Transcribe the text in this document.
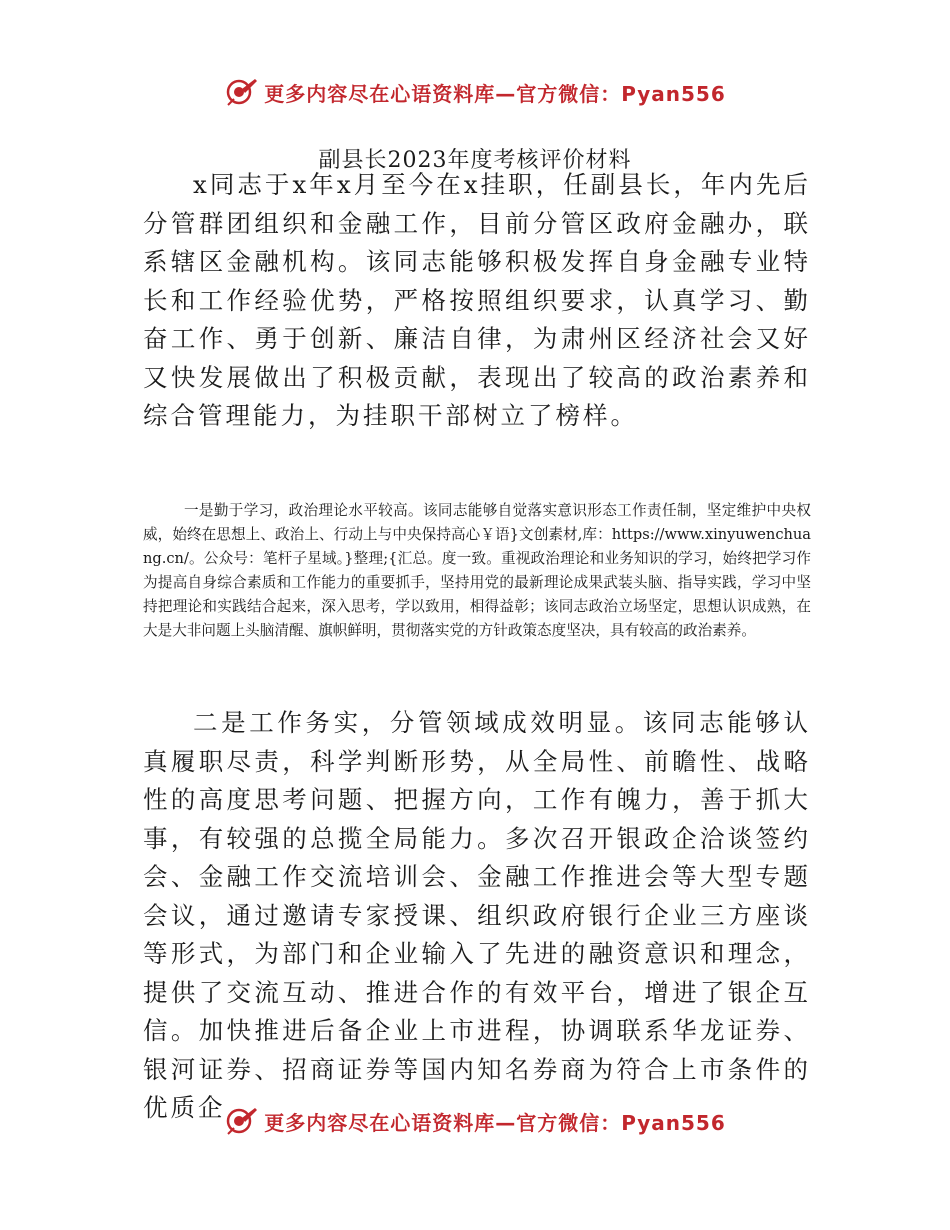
更多内容尽在心语资料库—官方微信：Pyan556
副县长2023年度考核评价材料

x同志于x年x月至今在x挂职，任副县长，年内先后分管群团组织和金融工作，目前分管区政府金融办，联系辖区金融机构。该同志能够积极发挥自身金融专业特长和工作经验优势，严格按照组织要求，认真学习、勤奋工作、勇于创新、廉洁自律，为肃州区经济社会又好又快发展做出了积极贡献，表现出了较高的政治素养和综合管理能力，为挂职干部树立了榜样。

一是勤于学习，政治理论水平较高。该同志能够自觉落实意识形态工作责任制，坚定维护中央权威，始终在思想上、政治上、行动上与中央保持高心￥语}文创素材,库：https://www.xinyuwenchuang.cn/。公众号：笔杆子星域。}整理;{汇总。度一致。重视政治理论和业务知识的学习，始终把学习作为提高自身综合素质和工作能力的重要抓手，坚持用党的最新理论成果武装头脑、指导实践，学习中坚持把理论和实践结合起来，深入思考，学以致用，相得益彰；该同志政治立场坚定，思想认识成熟，在大是大非问题上头脑清醒、旗帜鲜明，贯彻落实党的方针政策态度坚决，具有较高的政治素养。

二是工作务实，分管领域成效明显。该同志能够认真履职尽责，科学判断形势，从全局性、前瞻性、战略性的高度思考问题、把握方向，工作有魄力，善于抓大事，有较强的总揽全局能力。多次召开银政企洽谈签约会、金融工作交流培训会、金融工作推进会等大型专题会议，通过邀请专家授课、组织政府银行企业三方座谈等形式，为部门和企业输入了先进的融资意识和理念，提供了交流互动、推进合作的有效平台，增进了银企互信。加快推进后备企业上市进程，协调联系华龙证券、银河证券、招商证券等国内知名券商为符合上市条件的优质企

更多内容尽在心语资料库—官方微信：Pyan556
